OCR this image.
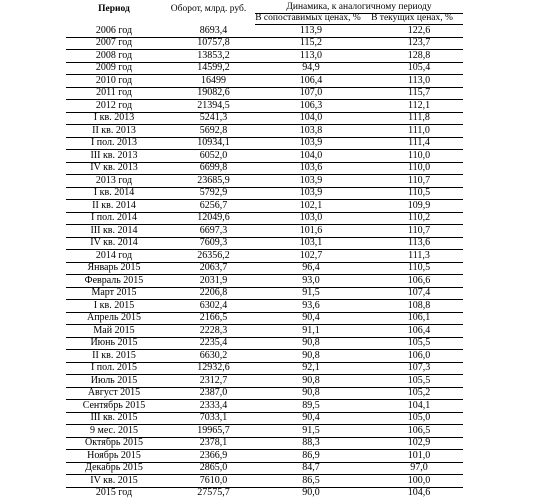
Период	Оборот, млрд. руб.	Динамика, к аналогичному периоду	
		В сопоставимых ценах, %	В текущих ценах, %
2006 год	8693,4	113,9	122,6
2007 год	10757,8	115,2	123,7
2008 год	13853,2	113,0	128,8
2009 год	14599,2	94,9	105,4
2010 год	16499	106,4	113,0
2011 год	19082,6	107,0	115,7
2012 год	21394,5	106,3	112,1
I кв. 2013	5241,3	104,0	111,8
II кв. 2013	5692,8	103,8	111,0
I пол. 2013	10934,1	103,9	111,4
III кв. 2013	6052,0	104,0	110,0
IV кв. 2013	6699,8	103,6	110,0
2013 год	23685,9	103,9	110,7
I кв. 2014	5792,9	103,9	110,5
II кв. 2014	6256,7	102,1	109,9
I пол. 2014	12049,6	103,0	110,2
III кв. 2014	6697,3	101,6	110,7
IV кв. 2014	7609,3	103,1	113,6
2014 год	26356,2	102,7	111,3
Январь 2015	2063,7	96,4	110,5
Февраль 2015	2031,9	93,0	106,6
Март 2015	2206,8	91,5	107,4
I кв. 2015	6302,4	93,6	108,8
Апрель 2015	2166,5	90,4	106,1
Май 2015	2228,3	91,1	106,4
Июнь 2015	2235,4	90,8	105,5
II кв. 2015	6630,2	90,8	106,0
I пол. 2015	12932,6	92,1	107,3
Июль 2015	2312,7	90,8	105,5
Август 2015	2387,0	90,8	105,2
Сентябрь 2015	2333,4	89,5	104,1
III кв. 2015	7033,1	90,4	105,0
9 мес. 2015	19965,7	91,5	106,5
Октябрь 2015	2378,1	88,3	102,9
Ноябрь 2015	2366,9	86,9	101,0
Декабрь 2015	2865,0	84,7	97,0
IV кв. 2015	7610,0	86,5	100,0
2015 год	27575,7	90,0	104,6
